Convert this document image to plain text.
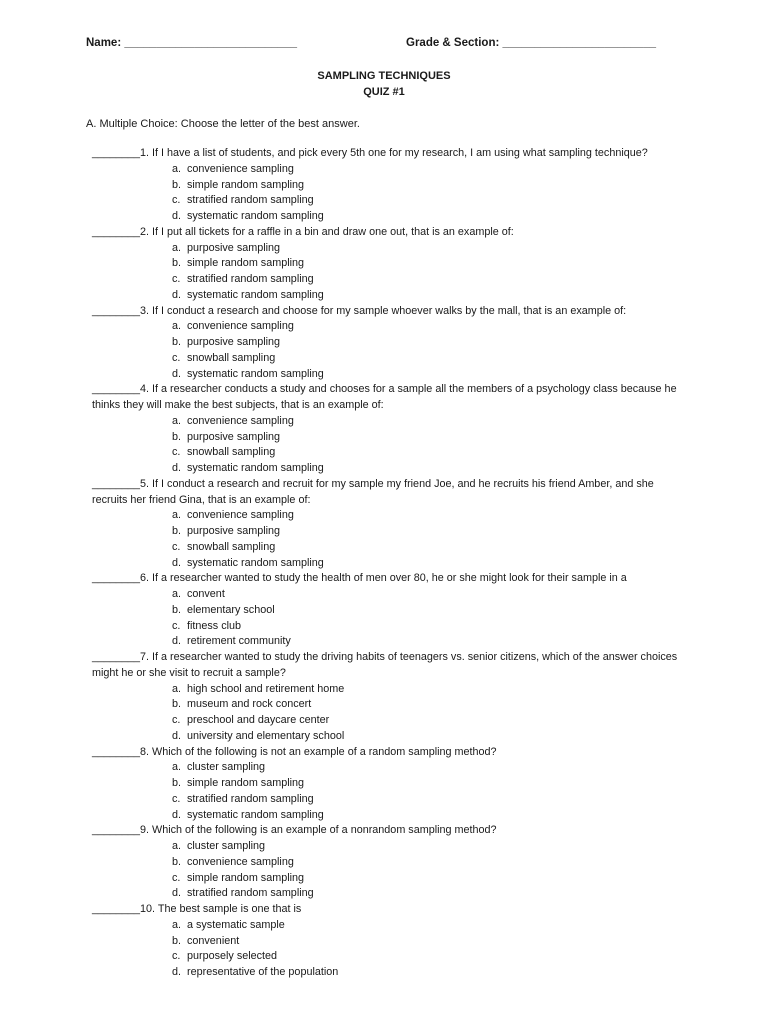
Name: ___________________________	Grade & Section: ________________________
SAMPLING TECHNIQUES
QUIZ #1
A. Multiple Choice: Choose the letter of the best answer.
________1. If I have a list of students, and pick every 5th one for my research, I am using what sampling technique?
a. convenience sampling
b. simple random sampling
c. stratified random sampling
d. systematic random sampling
________2. If I put all tickets for a raffle in a bin and draw one out, that is an example of:
a. purposive sampling
b. simple random sampling
c. stratified random sampling
d. systematic random sampling
________3. If I conduct a research and choose for my sample whoever walks by the mall, that is an example of:
a. convenience sampling
b. purposive sampling
c. snowball sampling
d. systematic random sampling
________4. If a researcher conducts a study and chooses for a sample all the members of a psychology class because he thinks they will make the best subjects, that is an example of:
a. convenience sampling
b. purposive sampling
c. snowball sampling
d. systematic random sampling
________5. If I conduct a research and recruit for my sample my friend Joe, and he recruits his friend Amber, and she recruits her friend Gina, that is an example of:
a. convenience sampling
b. purposive sampling
c. snowball sampling
d. systematic random sampling
________6. If a researcher wanted to study the health of men over 80, he or she might look for their sample in a
a. convent
b. elementary school
c. fitness club
d. retirement community
________7. If a researcher wanted to study the driving habits of teenagers vs. senior citizens, which of the answer choices might he or she visit to recruit a sample?
a. high school and retirement home
b. museum and rock concert
c. preschool and daycare center
d. university and elementary school
________8. Which of the following is not an example of a random sampling method?
a. cluster sampling
b. simple random sampling
c. stratified random sampling
d. systematic random sampling
________9. Which of the following is an example of a nonrandom sampling method?
a. cluster sampling
b. convenience sampling
c. simple random sampling
d. stratified random sampling
________10. The best sample is one that is
a. a systematic sample
b. convenient
c. purposely selected
d. representative of the population
